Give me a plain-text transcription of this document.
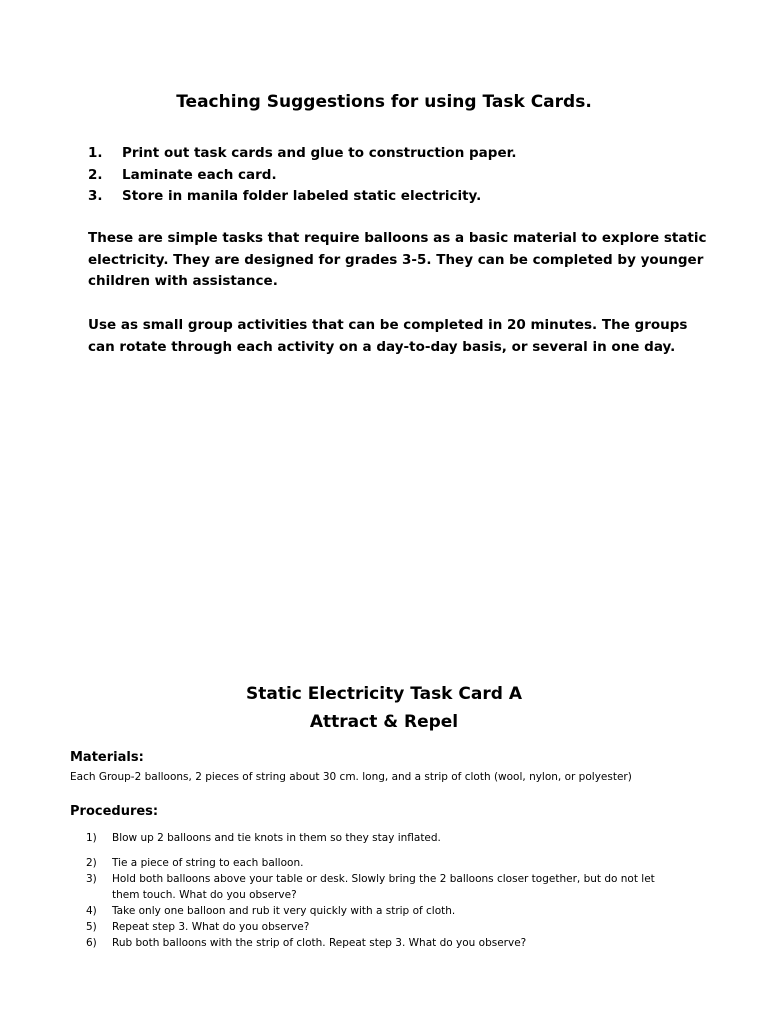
Teaching Suggestions for using Task Cards.
1. Print out task cards and glue to construction paper.
2. Laminate each card.
3. Store in manila folder labeled static electricity.

These are simple tasks that require balloons as a basic material to explore static electricity. They are designed for grades 3-5. They can be completed by younger children with assistance.

Use as small group activities that can be completed in 20 minutes. The groups can rotate through each activity on a day-to-day basis, or several in one day.

Static Electricity Task Card A
Attract & Repel
Materials:

Each Group-2 balloons, 2 pieces of string about 30 cm. long, and a strip of cloth (wool, nylon, or polyester)

Procedures:
1)	Blow up 2 balloons and tie knots in them so they stay inflated.
2)	Tie a piece of string to each balloon.
3)	Hold both balloons above your table or desk. Slowly bring the 2 balloons closer together, but do not let them touch. What do you observe?
4)	Take only one balloon and rub it very quickly with a strip of cloth.
5)	Repeat step 3. What do you observe?
6)	Rub both balloons with the strip of cloth. Repeat step 3. What do you observe?
